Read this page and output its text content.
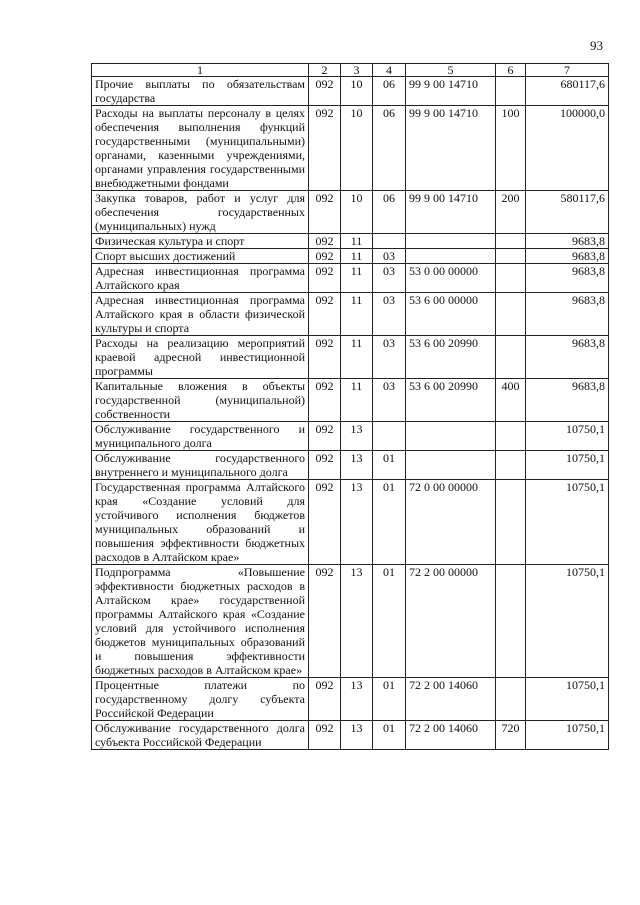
93
1	2	3	4	5	6	7
Прочие выплаты по обязательствам государства	092	10	06	99 9 00 14710		680117,6
Расходы на выплаты персоналу в целях обеспечения выполнения функций государственными (муниципальными) органами, казенными учреждениями, органами управления государственными внебюджетными фондами	092	10	06	99 9 00 14710	100	100000,0
Закупка товаров, работ и услуг для обеспечения государственных (муниципальных) нужд	092	10	06	99 9 00 14710	200	580117,6
Физическая культура и спорт	092	11				9683,8
Спорт высших достижений	092	11	03			9683,8
Адресная инвестиционная программа Алтайского края	092	11	03	53 0 00 00000		9683,8
Адресная инвестиционная программа Алтайского края в области физической культуры и спорта	092	11	03	53 6 00 00000		9683,8
Расходы на реализацию мероприятий краевой адресной инвестиционной программы	092	11	03	53 6 00 20990		9683,8
Капитальные вложения в объекты государственной (муниципальной) собственности	092	11	03	53 6 00 20990	400	9683,8
Обслуживание государственного и муниципального долга	092	13				10750,1
Обслуживание государственного внутреннего и муниципального долга	092	13	01			10750,1
Государственная программа Алтайского края «Создание условий для устойчивого исполнения бюджетов муниципальных образований и повышения эффективности бюджетных расходов в Алтайском крае»	092	13	01	72 0 00 00000		10750,1
Подпрограмма «Повышение эффективности бюджетных расходов в Алтайском крае» государственной программы Алтайского края «Создание условий для устойчивого исполнения бюджетов муниципальных образований и повышения эффективности бюджетных расходов в Алтайском крае»	092	13	01	72 2 00 00000		10750,1
Процентные платежи по государственному долгу субъекта Российской Федерации	092	13	01	72 2 00 14060		10750,1
Обслуживание государственного долга субъекта Российской Федерации	092	13	01	72 2 00 14060	720	10750,1
